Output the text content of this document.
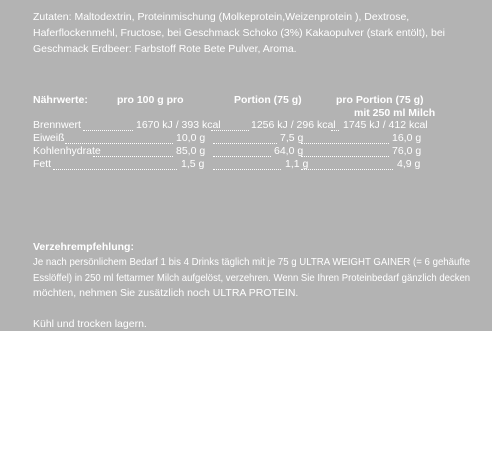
Zutaten: Maltodextrin, Proteinmischung (Molkeprotein,Weizenprotein ), Dextrose, Haferflockenmehl, Fructose, bei Geschmack Schoko (3%) Kakaopulver (stark entölt), bei Geschmack Erdbeer: Farbstoff Rote Bete Pulver, Aroma.
Nährwerte:	pro 100 g pro	Portion (75 g)	pro Portion (75 g)
mit 250 ml Milch
Brennwert	1670 kJ / 393 kcal	1256 kJ / 296 kcal 1745 kJ / 412 kcal
Eiweiß	10,0 g	7,5 g	16,0 g
Kohlenhydrate	85,0 g	64,0 g	76,0 g
Fett	1,5 g	1,1 g	4,9 g
Verzehrempfehlung:
Je nach persönlichem Bedarf 1 bis 4 Drinks täglich mit je 75 g ULTRA WEIGHT GAINER (= 6 gehäufte
Esslöffel) in 250 ml fettarmer Milch aufgelöst, verzehren. Wenn Sie Ihren Proteinbedarf gänzlich decken
möchten, nehmen Sie zusätzlich noch ULTRA PROTEIN.
Kühl und trocken lagern.
